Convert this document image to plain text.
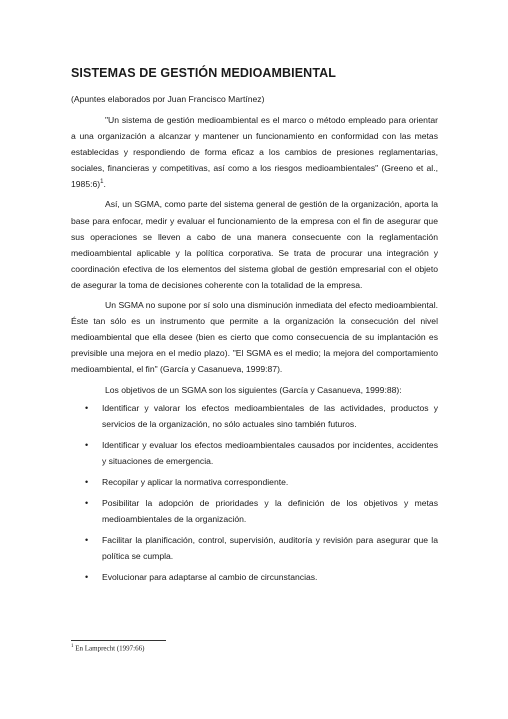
SISTEMAS DE GESTIÓN MEDIOAMBIENTAL
(Apuntes elaborados por Juan Francisco Martínez)

"Un sistema de gestión medioambiental es el marco o método empleado para orientar a una organización a alcanzar y mantener un funcionamiento en conformidad con las metas establecidas y respondiendo de forma eficaz a los cambios de presiones reglamentarias, sociales, financieras y competitivas, así como a los riesgos medioambientales" (Greeno et al., 1985:6)$^1$.

Así, un SGMA, como parte del sistema general de gestión de la organización, aporta la base para enfocar, medir y evaluar el funcionamiento de la empresa con el fin de asegurar que sus operaciones se lleven a cabo de una manera consecuente con la reglamentación medioambiental aplicable y la política corporativa. Se trata de procurar una integración y coordinación efectiva de los elementos del sistema global de gestión empresarial con el objeto de asegurar la toma de decisiones coherente con la totalidad de la empresa.

Un SGMA no supone por sí solo una disminución inmediata del efecto medioambiental. Éste tan sólo es un instrumento que permite a la organización la consecución del nivel medioambiental que ella desee (bien es cierto que como consecuencia de su implantación es previsible una mejora en el medio plazo). "El SGMA es el medio; la mejora del comportamiento medioambiental, el fin" (García y Casanueva, 1999:87).

Los objetivos de un SGMA son los siguientes (García y Casanueva, 1999:88):

• Identificar y valorar los efectos medioambientales de las actividades, productos y servicios de la organización, no sólo actuales sino también futuros.
• Identificar y evaluar los efectos medioambientales causados por incidentes, accidentes y situaciones de emergencia.
• Recopilar y aplicar la normativa correspondiente.
• Posibilitar la adopción de prioridades y la definición de los objetivos y metas medioambientales de la organización.
• Facilitar la planificación, control, supervisión, auditoría y revisión para asegurar que la política se cumpla.
• Evolucionar para adaptarse al cambio de circunstancias.
$^1$ En Lamprecht (1997:66)
